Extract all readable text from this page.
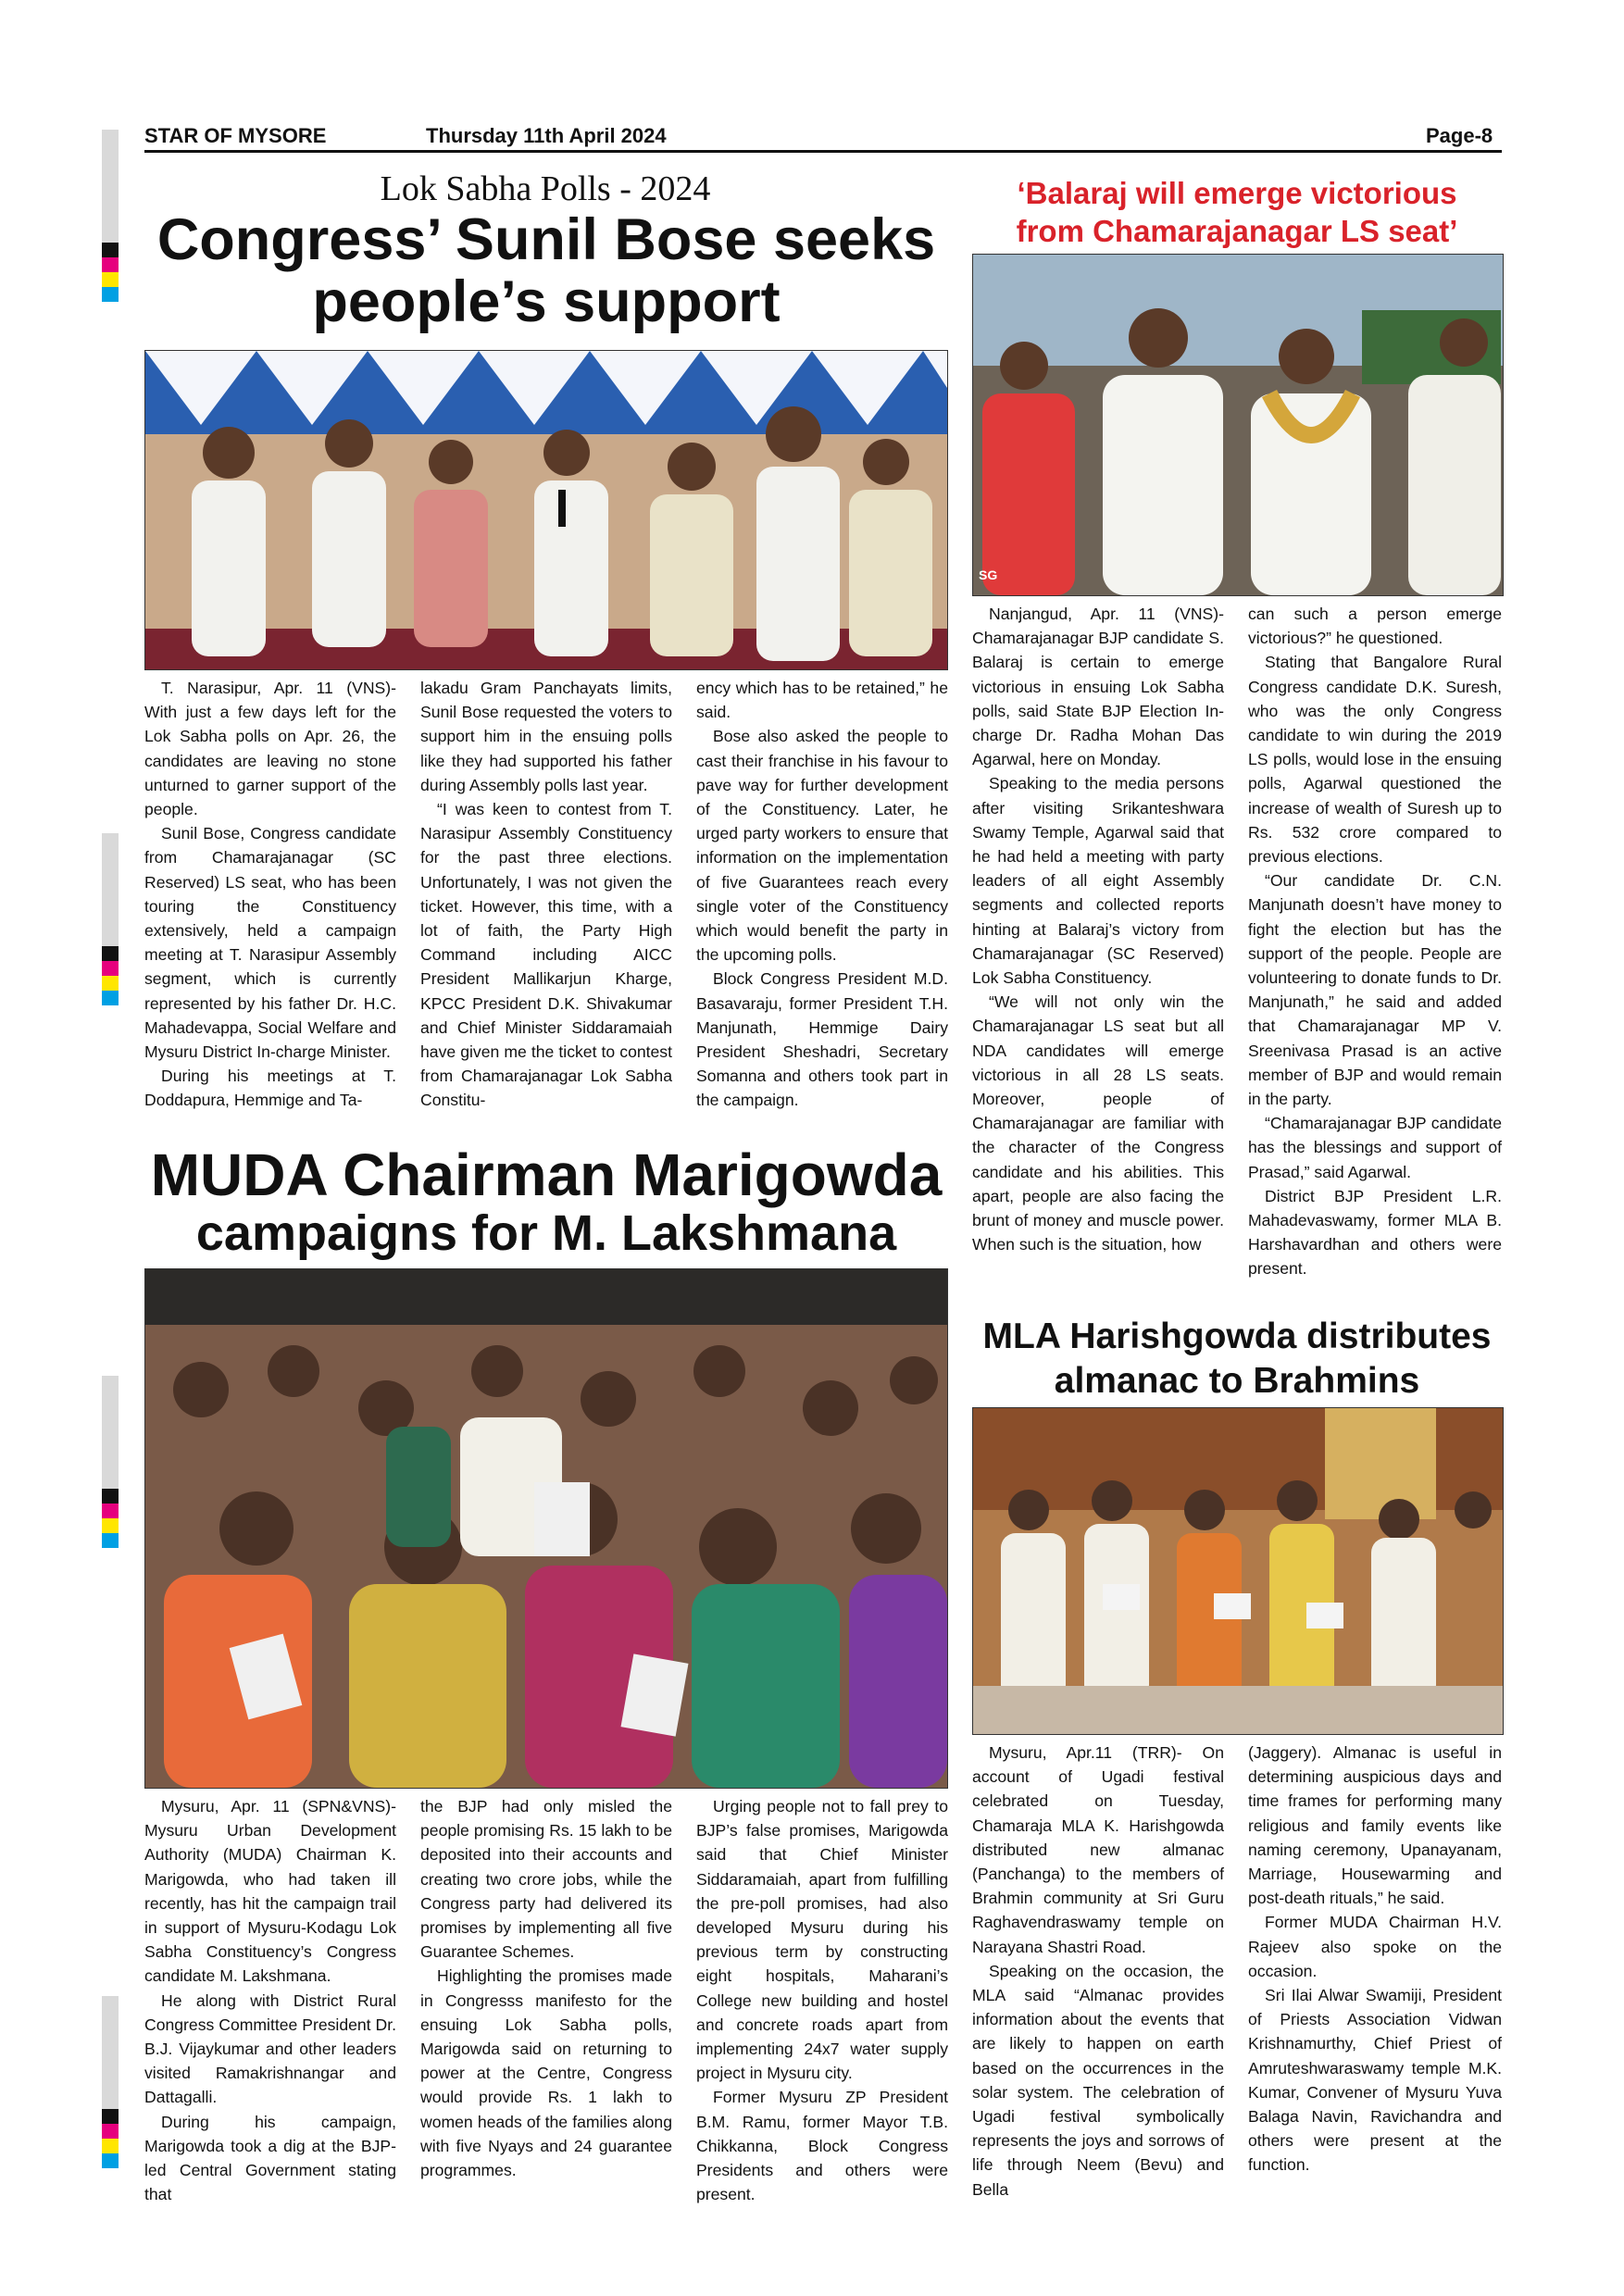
STAR OF MYSORE	Thursday 11th April 2024	Page-8
Lok Sabha Polls - 2024
Congress’ Sunil Bose seeks
people’s support

T. Narasipur, Apr. 11 (VNS)- With just a few days left for the Lok Sabha polls on Apr. 26, the candidates are leaving no stone unturned to garner support of the people.

Sunil Bose, Congress candidate from Chamarajanagar (SC Reserved) LS seat, who has been touring the Constituency extensively, held a campaign meeting at T. Narasipur Assembly segment, which is currently represented by his father Dr. H.C. Mahadevappa, Social Welfare and Mysuru District In-charge Minister.

During his meetings at T. Doddapura, Hemmige and Ta-

lakadu Gram Panchayats limits, Sunil Bose requested the voters to support him in the ensuing polls like they had supported his father during Assembly polls last year.

“I was keen to contest from T. Narasipur Assembly Constituency for the past three elections. Unfortunately, I was not given the ticket. However, this time, with a lot of faith, the Party High Command including AICC President Mallikarjun Kharge, KPCC President D.K. Shivakumar and Chief Minister Siddaramaiah have given me the ticket to contest from Chamarajanagar Lok Sabha Constitu-

ency which has to be retained,” he said.

Bose also asked the people to cast their franchise in his favour to pave way for further development of the Constituency. Later, he urged party workers to ensure that information on the implementation of five Guarantees reach every single voter of the Constituency which would benefit the party in the upcoming polls.

Block Congress President M.D. Basavaraju, former President T.H. Manjunath, Hemmige Dairy President Sheshadri, Secretary Somanna and others took part in the campaign.

‘Balaraj will emerge victorious
from Chamarajanagar LS seat’
SG

Nanjangud, Apr. 11 (VNS)- Chamarajanagar BJP candidate S. Balaraj is certain to emerge victorious in ensuing Lok Sabha polls, said State BJP Election In-charge Dr. Radha Mohan Das Agarwal, here on Monday.

Speaking to the media persons after visiting Srikanteshwara Swamy Temple, Agarwal said that he had held a meeting with party leaders of all eight Assembly segments and collected reports hinting at Balaraj’s victory from Chamarajanagar (SC Reserved) Lok Sabha Constituency.

“We will not only win the Chamarajanagar LS seat but all NDA candidates will emerge victorious in all 28 LS seats. Moreover, people of Chamarajanagar are familiar with the character of the Congress candidate and his abilities. This apart, people are also facing the brunt of money and muscle power. When such is the situation, how

can such a person emerge victorious?” he questioned.

Stating that Bangalore Rural Congress candidate D.K. Suresh, who was the only Congress candidate to win during the 2019 LS polls, would lose in the ensuing polls, Agarwal questioned the increase of wealth of Suresh up to Rs. 532 crore compared to previous elections.

“Our candidate Dr. C.N. Manjunath doesn’t have money to fight the election but has the support of the people. People are volunteering to donate funds to Dr. Manjunath,” he said and added that Chamarajanagar MP V. Sreenivasa Prasad is an active member of BJP and would remain in the party.

“Chamarajanagar BJP candidate has the blessings and support of Prasad,” said Agarwal.

District BJP President L.R. Mahadevaswamy, former MLA B. Harshavardhan and others were present.

MUDA Chairman Marigowda
campaigns for M. Lakshmana

Mysuru, Apr. 11 (SPN&VNS)- Mysuru Urban Development Authority (MUDA) Chairman K. Marigowda, who had taken ill recently, has hit the campaign trail in support of Mysuru-Kodagu Lok Sabha Constituency’s Congress candidate M. Lakshmana.

He along with District Rural Congress Committee President Dr. B.J. Vijaykumar and other leaders visited Ramakrishnangar and Dattagalli.

During his campaign, Marigowda took a dig at the BJP-led Central Government stating that

the BJP had only misled the people promising Rs. 15 lakh to be deposited into their accounts and creating two crore jobs, while the Congress party had delivered its promises by implementing all five Guarantee Schemes.

Highlighting the promises made in Congresss manifesto for the ensuing Lok Sabha polls, Marigowda said on returning to power at the Centre, Congress would provide Rs. 1 lakh to women heads of the families along with five Nyays and 24 guarantee programmes.

Urging people not to fall prey to BJP’s false promises, Marigowda said that Chief Minister Siddaramaiah, apart from fulfilling the pre-poll promises, had also developed Mysuru during his previous term by constructing eight hospitals, Maharani’s College new building and hostel and concrete roads apart from implementing 24x7 water supply project in Mysuru city.

Former Mysuru ZP President B.M. Ramu, former Mayor T.B. Chikkanna, Block Congress Presidents and others were present.

MLA Harishgowda distributes
almanac to Brahmins

Mysuru, Apr.11 (TRR)- On account of Ugadi festival celebrated on Tuesday, Chamaraja MLA K. Harishgowda distributed new almanac (Panchanga) to the members of Brahmin community at Sri Guru Raghavendraswamy temple on Narayana Shastri Road.

Speaking on the occasion, the MLA said “Almanac provides information about the events that are likely to happen on earth based on the occurrences in the solar system. The celebration of Ugadi festival symbolically represents the joys and sorrows of life through Neem (Bevu) and Bella

(Jaggery). Almanac is useful in determining auspicious days and time frames for performing many religious and family events like naming ceremony, Upanayanam, Marriage, Housewarming and post-death rituals,” he said.

Former MUDA Chairman H.V. Rajeev also spoke on the occasion.

Sri Ilai Alwar Swamiji, President of Priests Association Vidwan Krishnamurthy, Chief Priest of Amruteshwaraswamy temple M.K. Kumar, Convener of Mysuru Yuva Balaga Navin, Ravichandra and others were present at the function.
